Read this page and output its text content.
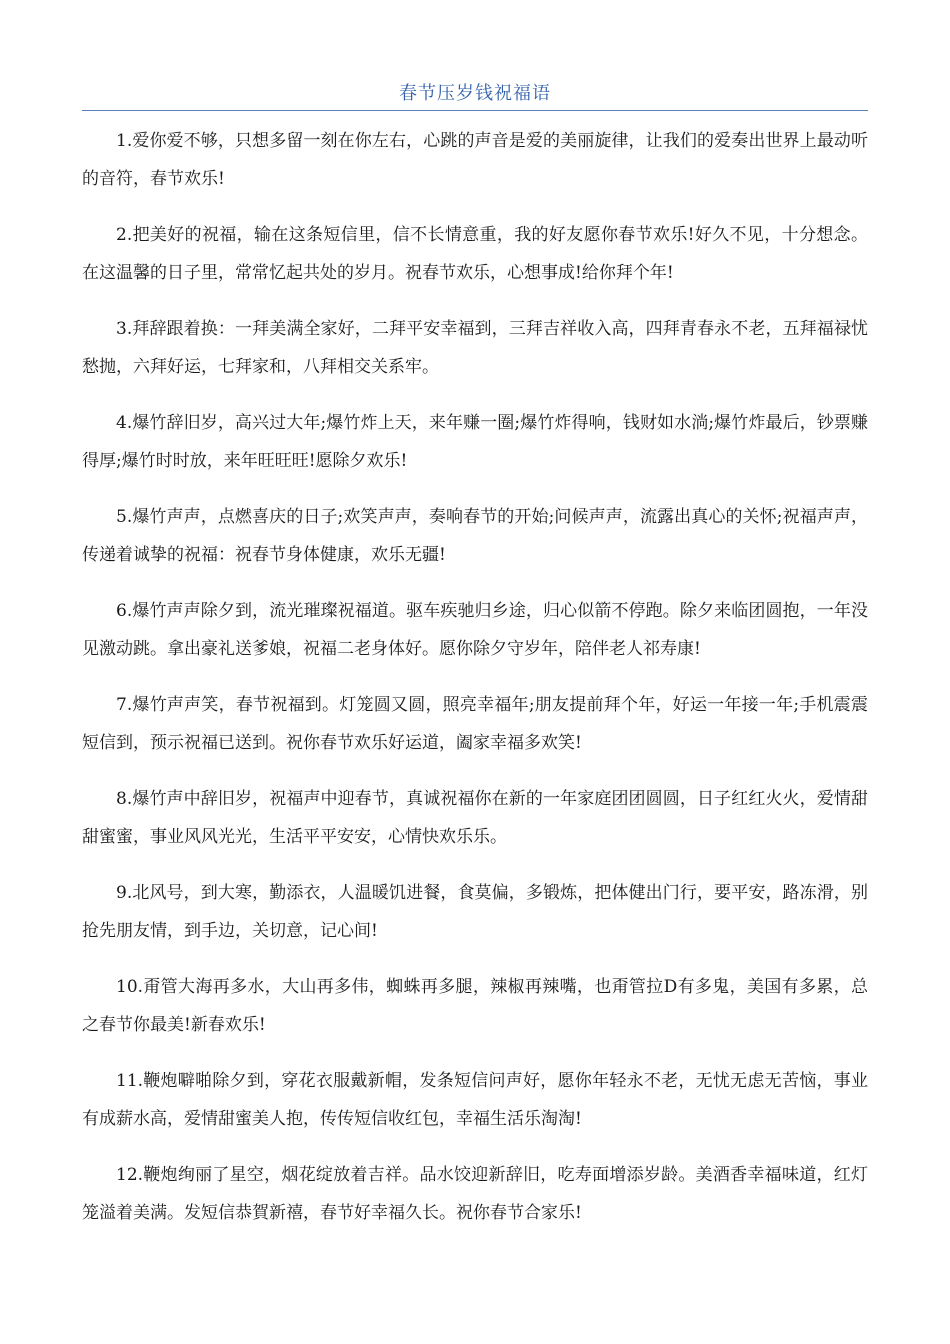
春节压岁钱祝福语

1.爱你爱不够，只想多留一刻在你左右，心跳的声音是爱的美丽旋律，让我们的爱奏出世界上最动听的音符，春节欢乐!

2.把美好的祝福，输在这条短信里，信不长情意重，我的好友愿你春节欢乐!好久不见，十分想念。在这温馨的日子里，常常忆起共处的岁月。祝春节欢乐，心想事成!给你拜个年!

3.拜辞跟着换：一拜美满全家好，二拜平安幸福到，三拜吉祥收入高，四拜青春永不老，五拜福禄忧愁抛，六拜好运，七拜家和，八拜相交关系牢。

4.爆竹辞旧岁，高兴过大年;爆竹炸上天，来年赚一圈;爆竹炸得响，钱财如水淌;爆竹炸最后，钞票赚得厚;爆竹时时放，来年旺旺旺!愿除夕欢乐!

5.爆竹声声，点燃喜庆的日子;欢笑声声，奏响春节的开始;问候声声，流露出真心的关怀;祝福声声，传递着诚挚的祝福：祝春节身体健康，欢乐无疆!

6.爆竹声声除夕到，流光璀璨祝福道。驱车疾驰归乡途，归心似箭不停跑。除夕来临团圆抱，一年没见激动跳。拿出豪礼送爹娘，祝福二老身体好。愿你除夕守岁年，陪伴老人祁寿康!

7.爆竹声声笑，春节祝福到。灯笼圆又圆，照亮幸福年;朋友提前拜个年，好运一年接一年;手机震震短信到，预示祝福已送到。祝你春节欢乐好运道，阖家幸福多欢笑!

8.爆竹声中辞旧岁，祝福声中迎春节，真诚祝福你在新的一年家庭团团圆圆，日子红红火火，爱情甜甜蜜蜜，事业风风光光，生活平平安安，心情快欢乐乐。

9.北风号，到大寒，勤添衣，人温暖饥进餐，食莫偏，多锻炼，把体健出门行，要平安，路冻滑，别抢先朋友情，到手边，关切意，记心间!

10.甭管大海再多水，大山再多伟，蜘蛛再多腿，辣椒再辣嘴，也甭管拉D有多鬼，美国有多累，总之春节你最美!新春欢乐!

11.鞭炮噼啪除夕到，穿花衣服戴新帽，发条短信问声好，愿你年轻永不老，无忧无虑无苦恼，事业有成薪水高，爱情甜蜜美人抱，传传短信收红包，幸福生活乐淘淘!

12.鞭炮绚丽了星空，烟花绽放着吉祥。品水饺迎新辞旧，吃寿面增添岁龄。美酒香幸福味道，红灯笼溢着美满。发短信恭賀新禧，春节好幸福久长。祝你春节合家乐!
